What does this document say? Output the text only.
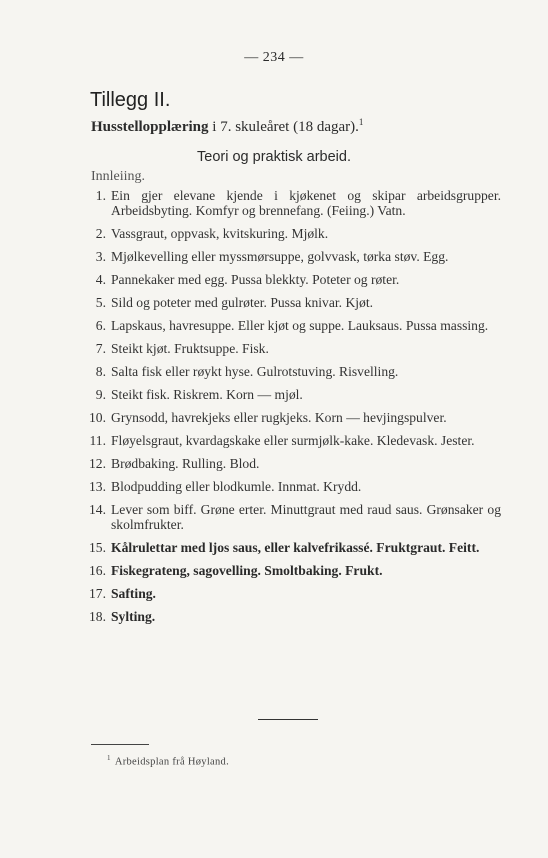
— 234 —
Tillegg II.
Husstellopplæring i 7. skuleåret (18 dagar).$^1$
Teori og praktisk arbeid.
Innleiing.
1. Ein gjer elevane kjende i kjøkenet og skipar arbeidsgrupper. Arbeidsbyting. Komfyr og brennefang. (Feiing.) Vatn.
2. Vassgraut, oppvask, kvitskuring. Mjølk.
3. Mjølkevelling eller myssmørsuppe, golvvask, tørka støv. Egg.
4. Pannekaker med egg. Pussa blekkty. Poteter og røter.
5. Sild og poteter med gulrøter. Pussa knivar. Kjøt.
6. Lapskaus, havresuppe. Eller kjøt og suppe. Lauksaus. Pussa massing.
7. Steikt kjøt. Fruktsuppe. Fisk.
8. Salta fisk eller røykt hyse. Gulrotstuving. Risvelling.
9. Steikt fisk. Riskrem. Korn — mjøl.
10. Grynsodd, havrekjeks eller rugkjeks. Korn — hevjingspulver.
11. Fløyelsgraut, kvardagskake eller surmjølk-kake. Kledevask. Jester.
12. Brødbaking. Rulling. Blod.
13. Blodpudding eller blodkumle. Innmat. Krydd.
14. Lever som biff. Grøne erter. Minuttgraut med raud saus. Grønsaker og skolmfrukter.
15. Kålrulettar med ljos saus, eller kalvefrikassé. Fruktgraut. Feitt.
16. Fiskegrateng, sagovelling. Smoltbaking. Frukt.
17. Safting.
18. Sylting.
$^1$ Arbeidsplan frå Høyland.
